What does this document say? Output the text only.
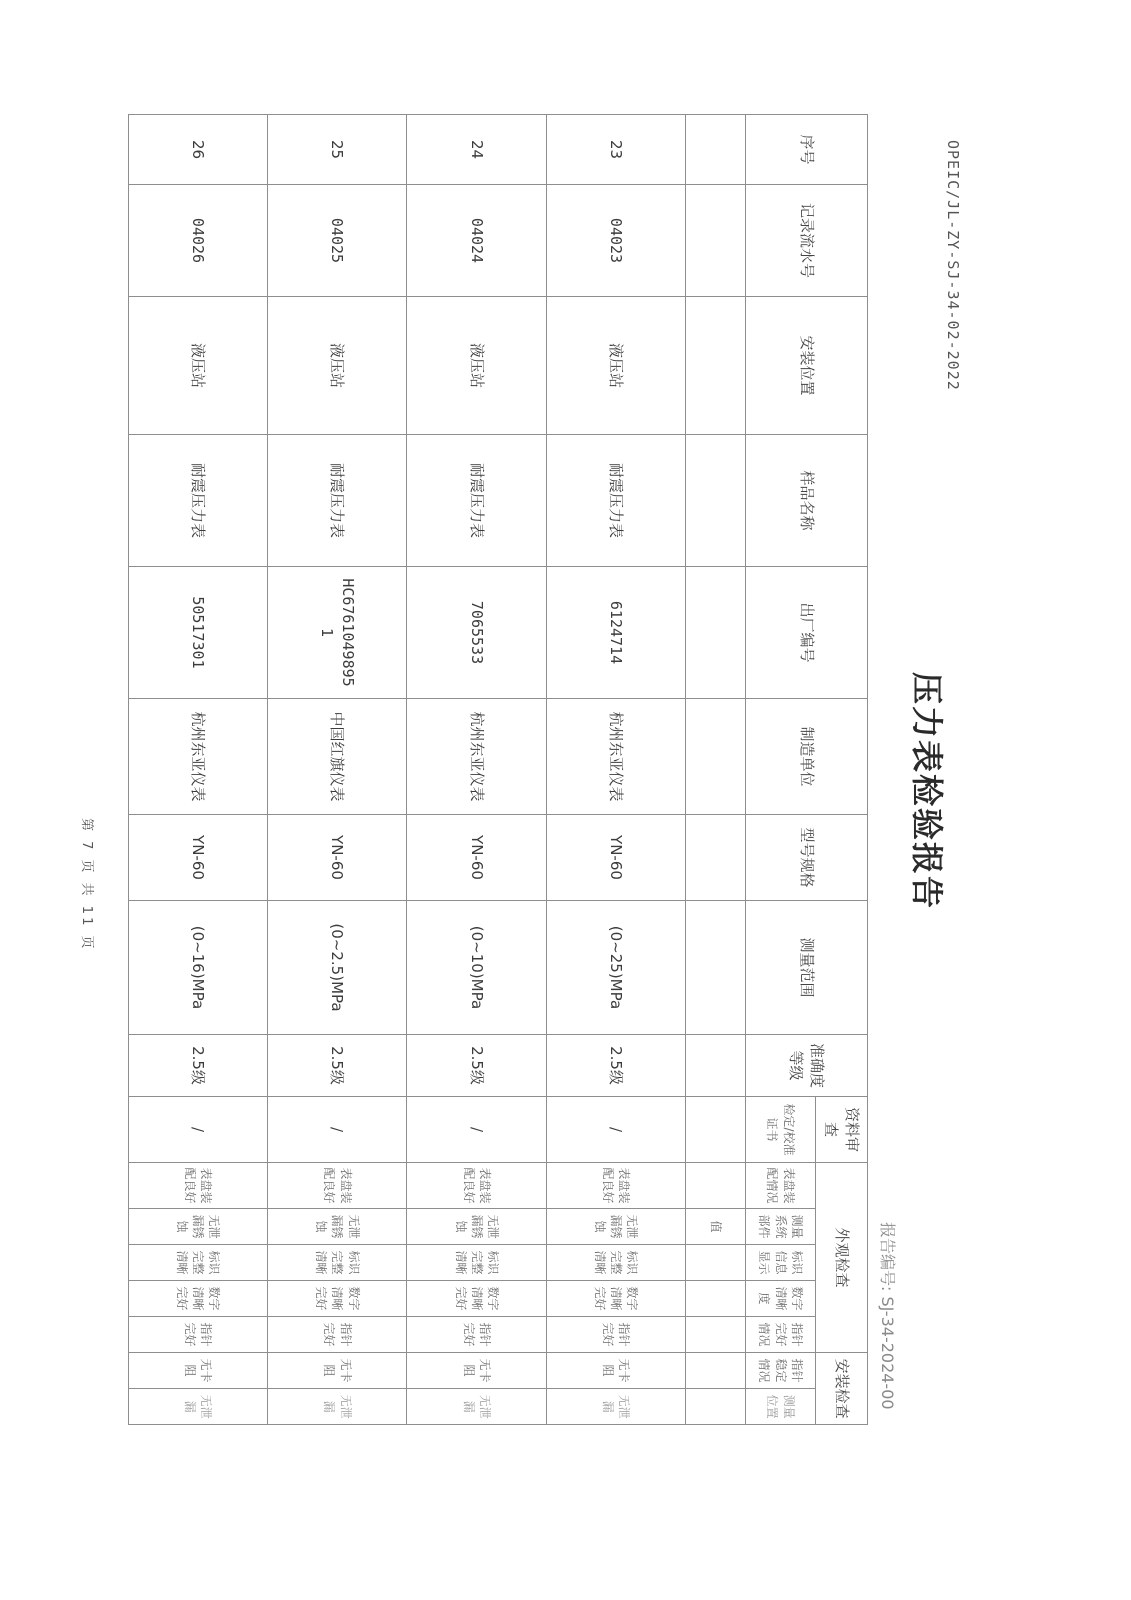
OPEIC/JL-ZY-SJ-34-02-2022
压力表检验报告
报告编号: SJ-34-2024-00
序号	记录流水号	安装位置	样品名称	出厂编号	制造单位	型号规格	测量范围	准确度等级	资料审查	外观检查					安装检查	
									检定/校准证书	表盘装配情况	测量系统部件	标识信息显示	数字清晰度	指针完好情况	指针稳定情况	测量位置
											值					
23	04023	液压站	耐震压力表	6124714	杭州东亚仪表	YN-60	(0~25)MPa	2.5级	/	表盘装配良好	无泄漏锈蚀	标识完整清晰	数字清晰完好	指针完好	无卡阻	无泄漏
24	04024	液压站	耐震压力表	7065533	杭州东亚仪表	YN-60	(0~10)MPa	2.5级	/	表盘装配良好	无泄漏锈蚀	标识完整清晰	数字清晰完好	指针完好	无卡阻	无泄漏
25	04025	液压站	耐震压力表	HC6761049895 1	中国红旗仪表	YN-60	(0~2.5)MPa	2.5级	/	表盘装配良好	无泄漏锈蚀	标识完整清晰	数字清晰完好	指针完好	无卡阻	无泄漏
26	04026	液压站	耐震压力表	50517301	杭州东亚仪表	YN-60	(0~16)MPa	2.5级	/	表盘装配良好	无泄漏锈蚀	标识完整清晰	数字清晰完好	指针完好	无卡阻	无泄漏
第 7 页 共 11 页
